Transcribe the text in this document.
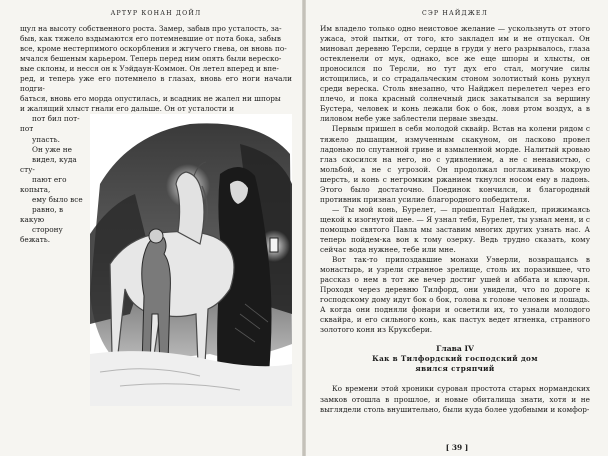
АРТУР КОНАН ДОЙЛ

щул на высоту собственного роста. Замер, забыв про усталость, за-

быв, как тяжело вздымаются его потемневшие от пота бока, забыв

все, кроме нестерпимого оскорбления и жгучего гнева, он вновь по-

мчался бешеным карьером. Теперь перед ним опять были вереско-

вые склоны, и несся он к Уэйдаун-Коммон. Он летел вперед и впе-

ред, и теперь уже его потемнело в глазах, вновь его ноги начали подги-

баться, вновь его морда опустилась, и всадник не жалел ни шпоры

и жалящий хлыст гнали его дальше. Он от усталости и

пот бил пот-пот

упасть.

Он уже не

видел, куда сту-

пают его копыта,

ему было все

равно, в какую

сторону бежать.

СЭР НАЙДЖЕЛ

Им владело только одно неистовое желание — ускользнуть от этого ужаса, этой пытки, от того, кто закладел им и не отпускал. Он миновал деревню Терсли, сердце в груди у него разрывалось, глаза остекленели от мук, однако, все же еще шпоры и хлысты, он проносился по Терсли, но тут дух его стал, могучие силы истощились, и со страдальческим стоном золотистый конь рухнул среди вереска. Столь внезапно, что Найджел перелетел через его плечо, и пока красный солнечный диск закатывался за вершину Бустера, человек и конь лежали бок о бок, ловя ртом воздух, а в лиловом небе уже заблестели первые звезды.

Первым пришел в себя молодой сквайр. Встав на колени рядом с тяжело дышащим, измученным скакуном, он ласково провел ладонью по спутанной гриве и взмыленной морде. Налитый кровью глаз скосился на него, но с удивлением, а не с ненавистью, с мольбой, а не с угрозой. Он продолжал поглаживать мокрую шерсть, и конь с негромким ржанием ткнулся носом ему в ладонь. Этого было достаточно. Поединок кончился, и благородный противник признал усилие благородного победителя.

— Ты мой конь, Бурелет, — прошептал Найджел, прижимаясь щекой к изогнутой шее. — Я узнал тебя, Бурелет, ты узнал меня, и с помощью святого Павла мы заставим многих других узнать нас. А теперь пойдем-ка вон к тому озерку. Ведь трудно сказать, кому сейчас вода нужнее, тебе или мне.

Вот так-то припоздавшие монахи Уэверли, возвращаясь в монастырь, и узрели странное зрелище, столь их поразившее, что рассказ о нем в тот же вечер достиг ушей и аббата и ключаря. Проходя через деревню Тилфорд, они увидели, что по дороге к господскому дому идут бок о бок, голова к голове человек и лошадь. А когда они подняли фонари и осветили их, то узнали молодого сквайра, и его сильного конь, как пастух ведет ягненка, странного золотого коня из Круксбери.

Глава IV
Как в Тилфордский господский дом
явился стряпчий

Ко времени этой хроники суровая простота старых нормандских замков отошла в прошлое, и новые обиталища знати, хотя и не выглядели столь внушительно, были куда более удобными и комфор-

[ 39 ]
